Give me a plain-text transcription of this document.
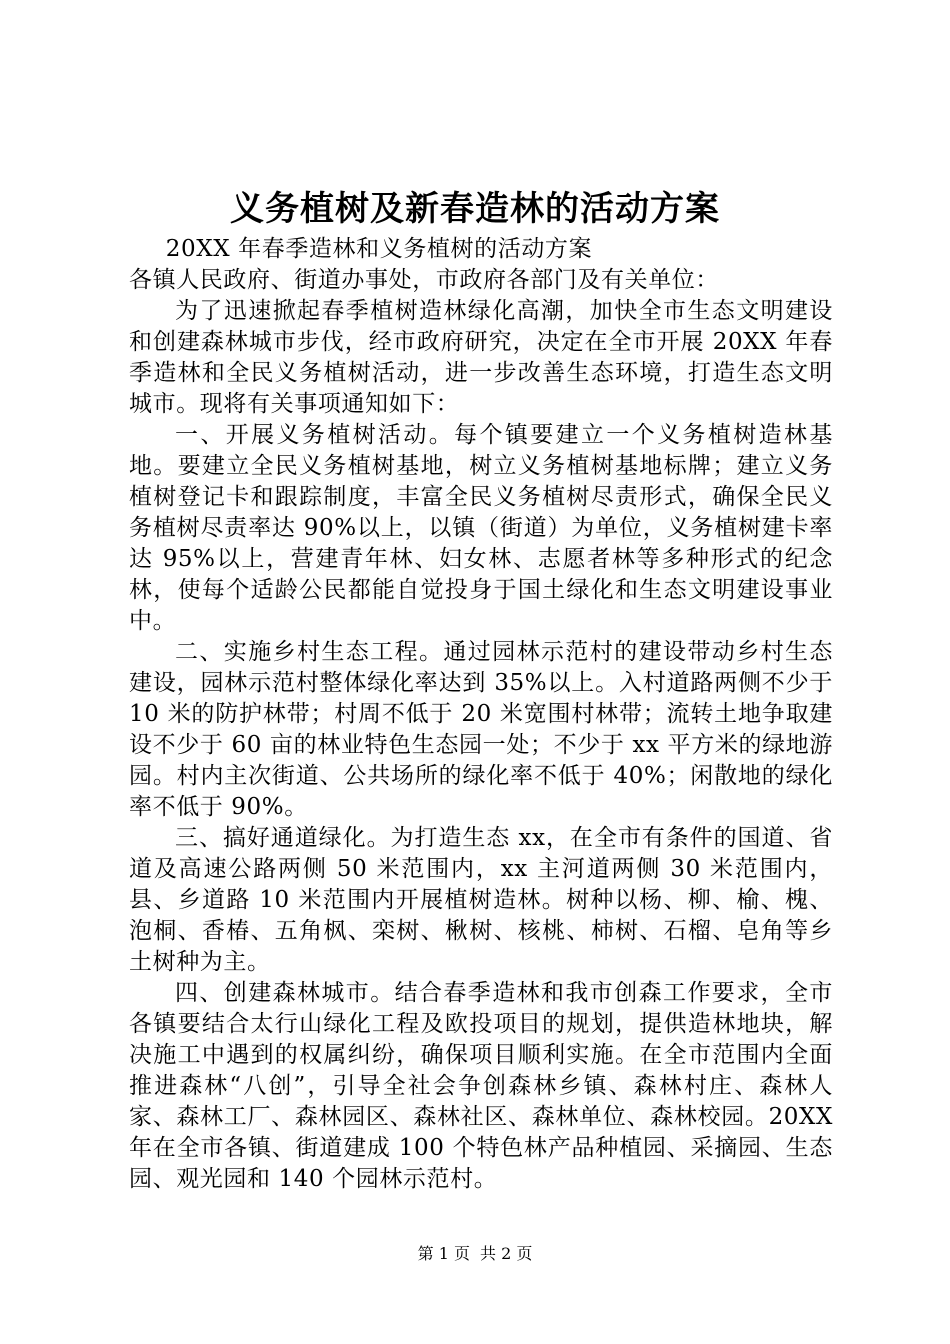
义务植树及新春造林的活动方案

20XX 年春季造林和义务植树的活动方案

各镇人民政府、街道办事处，市政府各部门及有关单位：

为了迅速掀起春季植树造林绿化高潮，加快全市生态文明建设和创建森林城市步伐，经市政府研究，决定在全市开展 20XX 年春季造林和全民义务植树活动，进一步改善生态环境，打造生态文明城市。现将有关事项通知如下：

一、开展义务植树活动。每个镇要建立一个义务植树造林基地。要建立全民义务植树基地，树立义务植树基地标牌；建立义务植树登记卡和跟踪制度，丰富全民义务植树尽责形式，确保全民义务植树尽责率达 90%以上，以镇（街道）为单位，义务植树建卡率达 95%以上，营建青年林、妇女林、志愿者林等多种形式的纪念林，使每个适龄公民都能自觉投身于国土绿化和生态文明建设事业中。

二、实施乡村生态工程。通过园林示范村的建设带动乡村生态建设，园林示范村整体绿化率达到 35%以上。入村道路两侧不少于 10 米的防护林带；村周不低于 20 米宽围村林带；流转土地争取建设不少于 60 亩的林业特色生态园一处；不少于 xx 平方米的绿地游园。村内主次街道、公共场所的绿化率不低于 40%；闲散地的绿化率不低于 90%。

三、搞好通道绿化。为打造生态 xx，在全市有条件的国道、省道及高速公路两侧 50 米范围内，xx 主河道两侧 30 米范围内，县、乡道路 10 米范围内开展植树造林。树种以杨、柳、榆、槐、泡桐、香椿、五角枫、栾树、楸树、核桃、柿树、石榴、皂角等乡土树种为主。

四、创建森林城市。结合春季造林和我市创森工作要求，全市各镇要结合太行山绿化工程及欧投项目的规划，提供造林地块，解决施工中遇到的权属纠纷，确保项目顺利实施。在全市范围内全面推进森林“八创”，引导全社会争创森林乡镇、森林村庄、森林人家、森林工厂、森林园区、森林社区、森林单位、森林校园。20XX 年在全市各镇、街道建成 100 个特色林产品种植园、采摘园、生态园、观光园和 140 个园林示范村。

第 1 页 共 2 页
